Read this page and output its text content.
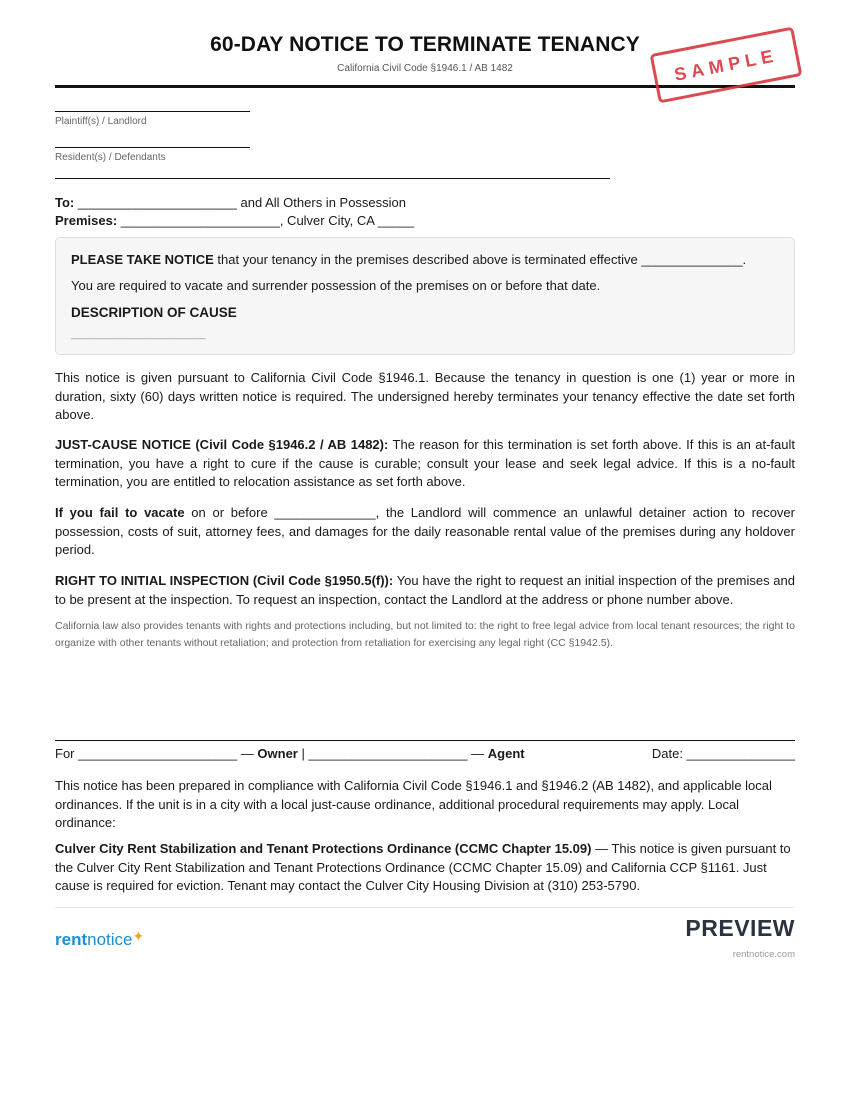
60-DAY NOTICE TO TERMINATE TENANCY
California Civil Code §1946.1 / AB 1482	SAMPLE
Plaintiff(s) / Landlord
Resident(s) / Defendants
To: ______________________ and All Others in Possession
Premises: ______________________, Culver City, CA _____
PLEASE TAKE NOTICE that your tenancy in the premises described above is terminated effective ______________.
You are required to vacate and surrender possession of the premises on or before that date.
DESCRIPTION OF CAUSE
______________________
This notice is given pursuant to California Civil Code §1946.1. Because the tenancy in question is one (1) year or more in duration, sixty (60) days written notice is required. The undersigned hereby terminates your tenancy effective the date set forth above.
JUST-CAUSE NOTICE (Civil Code §1946.2 / AB 1482): The reason for this termination is set forth above. If this is an at-fault termination, you have a right to cure if the cause is curable; consult your lease and seek legal advice. If this is a no-fault termination, you are entitled to relocation assistance as set forth above.
If you fail to vacate on or before ______________, the Landlord will commence an unlawful detainer action to recover possession, costs of suit, attorney fees, and damages for the daily reasonable rental value of the premises during any holdover period.
RIGHT TO INITIAL INSPECTION (Civil Code §1950.5(f)): You have the right to request an initial inspection of the premises and to be present at the inspection. To request an inspection, contact the Landlord at the address or phone number above.
California law also provides tenants with rights and protections including, but not limited to: the right to free legal advice from local tenant resources; the right to organize with other tenants without retaliation; and protection from retaliation for exercising any legal right (CC §1942.5).
For ______________________ — Owner | ______________________ — Agent	Date: _______________
This notice has been prepared in compliance with California Civil Code §1946.1 and §1946.2 (AB 1482), and applicable local ordinances. If the unit is in a city with a local just-cause ordinance, additional procedural requirements may apply. Local ordinance:
Culver City Rent Stabilization and Tenant Protections Ordinance (CCMC Chapter 15.09) — This notice is given pursuant to the Culver City Rent Stabilization and Tenant Protections Ordinance (CCMC Chapter 15.09) and California CCP §1161. Just cause is required for eviction. Tenant may contact the Culver City Housing Division at (310) 253-5790.
rentnotice✦	PREVIEW
rentnotice.com
